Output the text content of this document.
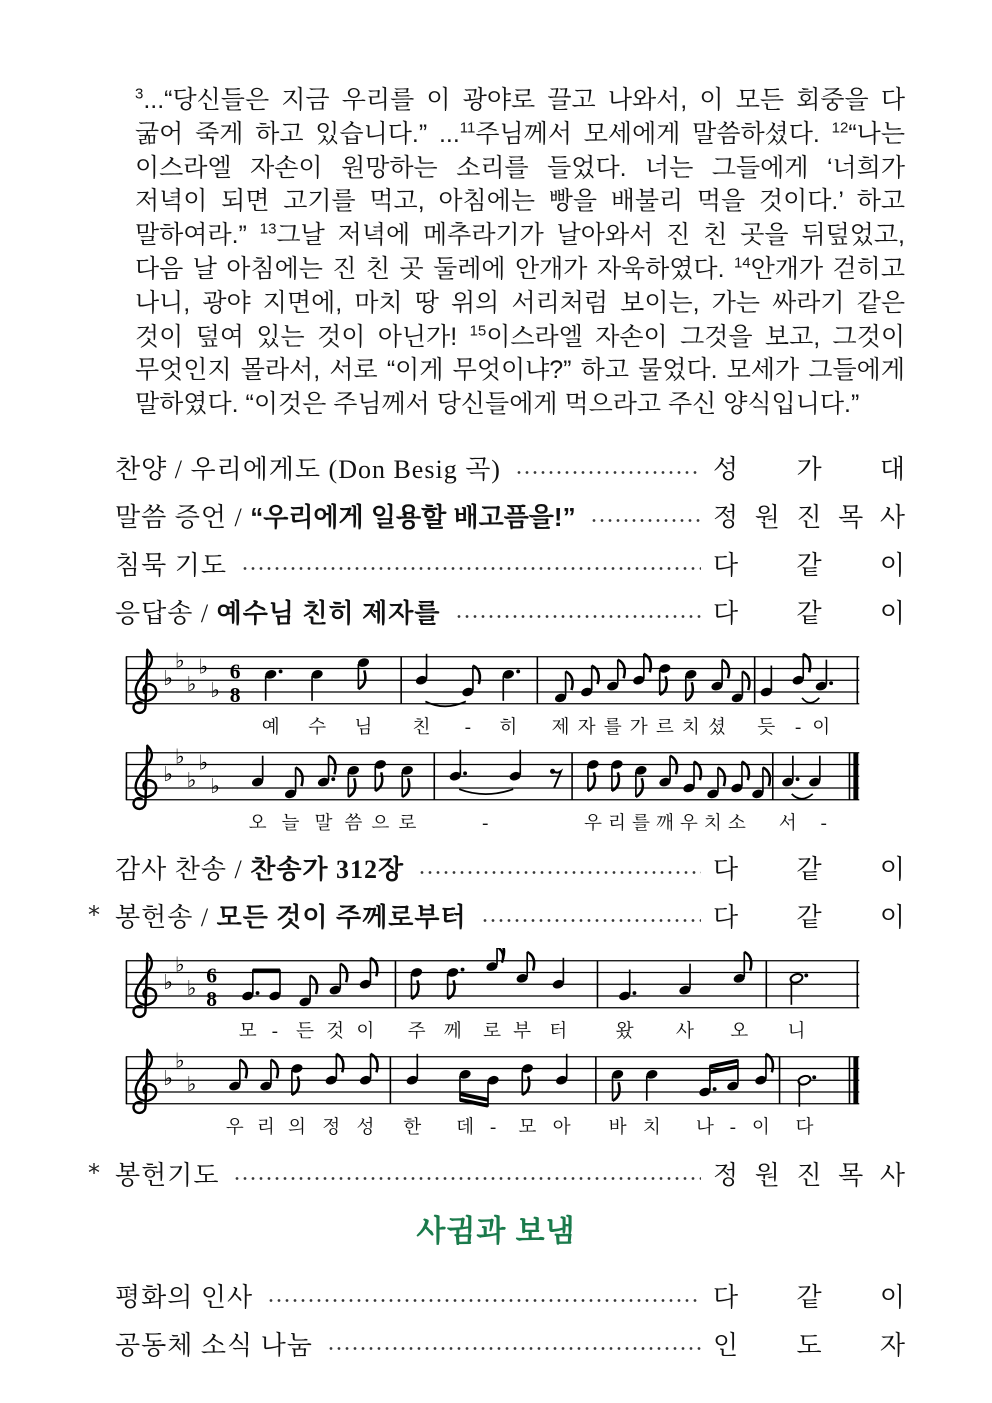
$^3$...“당신들은 지금 우리를 이 광야로 끌고 나와서, 이 모든 회중을 다
굶어 죽게 하고 있습니다.” ...$^{11}$주님께서 모세에게 말씀하셨다. $^{12}$“나는
이스라엘 자손이 원망하는 소리를 들었다. 너는 그들에게 ‘너희가
저녁이 되면 고기를 먹고, 아침에는 빵을 배불리 먹을 것이다.’ 하고
말하여라.” $^{13}$그날 저녁에 메추라기가 날아와서 진 친 곳을 뒤덮었고,
다음 날 아침에는 진 친 곳 둘레에 안개가 자욱하였다. $^{14}$안개가 걷히고
나니, 광야 지면에, 마치 땅 위의 서리처럼 보이는, 가는 싸라기 같은
것이 덮여 있는 것이 아닌가! $^{15}$이스라엘 자손이 그것을 보고, 그것이
무엇인지 몰라서, 서로 “이게 무엇이냐?” 하고 물었다. 모세가 그들에게
말하였다. “이것은 주님께서 당신들에게 먹으라고 주신 양식입니다.”
찬양 / 우리에게도 (Don Besig 곡)	성 가 대
말씀 증언 / “우리에게 일용할 배고픔을!”	정 원 진 목 사
침묵 기도	다 같 이
응답송 / 예수님 친히 제자를	다 같 이
♭
♭
♭
♭
♭
6
8
예 수 님 친 - 히 제 자 를 가 르 치 셨 듯 - 이
♭
♭
♭
♭
♭
오 늘 말 씀 으 로	-	우 리 를 깨 우 치 소 서 -
감사 찬송 / 찬송가 312장	다 같 이
* 봉헌송 / 모든 것이 주께로부터	다 같 이
♭
♭
♭
6
8
모 - 든 것 이 주 께 로 부 터	왔 사 오 니
♭
♭
♭
우 리 의 정 성 한 데 - 모 아 바 치 나 - 이 다
* 봉헌기도	정 원 진 목 사
사귐과 보냄
평화의 인사	다 같 이
공동체 소식 나눔	인 도 자
